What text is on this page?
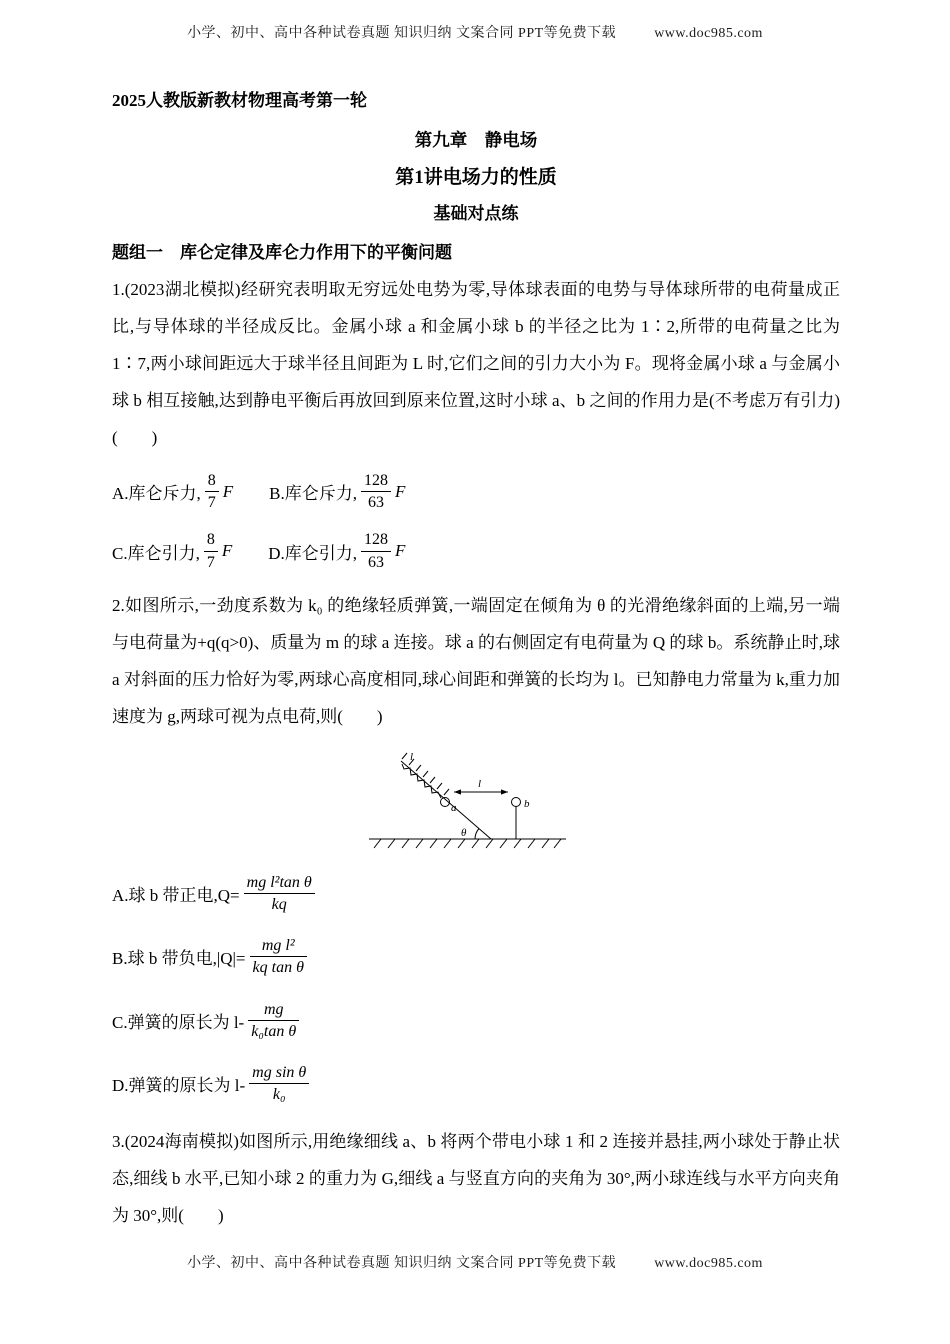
小学、初中、高中各种试卷真题 知识归纳 文案合同 PPT等免费下载	www.doc985.com
2025人教版新教材物理高考第一轮
第九章　静电场
第1讲电场力的性质
基础对点练
题组一　库仑定律及库仑力作用下的平衡问题

1.(2023湖北模拟)经研究表明取无穷远处电势为零,导体球表面的电势与导体球所带的电荷量成正比,与导体球的半径成反比。金属小球 a 和金属小球 b 的半径之比为 1∶2,所带的电荷量之比为 1∶7,两小球间距远大于球半径且间距为 L 时,它们之间的引力大小为 F。现将金属小球 a 与金属小球 b 相互接触,达到静电平衡后再放回到原来位置,这时小球 a、b 之间的作用力是(不考虑万有引力)(　　)

A.库仑斥力, $\frac{8}{7}$ F B.库仑斥力, $\frac{128}{63}$ F
C.库仑引力, $\frac{8}{7}$ F D.库仑引力, $\frac{128}{63}$ F

2.如图所示,一劲度系数为 k₀ 的绝缘轻质弹簧,一端固定在倾角为 θ 的光滑绝缘斜面的上端,另一端与电荷量为+q(q>0)、质量为 m 的球 a 连接。球 a 的右侧固定有电荷量为 Q 的球 b。系统静止时,球 a 对斜面的压力恰好为零,两球心高度相同,球心间距和弹簧的长均为 l。已知静电力常量为 k,重力加速度为 g,两球可视为点电荷,则(　　)

a
l
l
b
θ
A.球 b 带正电$,Q= \frac{\text{mg l²tan θ}}{kq}$
B.球 b 带负电$,|Q|= \frac{\text{mg l²}}{\text{kq tan θ}}$
C.弹簧的原长为 $l- \frac{mg}{\text{k₀tan θ}}$
D.弹簧的原长为 $l- \frac{\text{mg sin θ}}{\text{k₀}}$

3.(2024海南模拟)如图所示,用绝缘细线 a、b 将两个带电小球 1 和 2 连接并悬挂,两小球处于静止状态,细线 b 水平,已知小球 2 的重力为 G,细线 a 与竖直方向的夹角为 30°,两小球连线与水平方向夹角为 30°,则(　　)

小学、初中、高中各种试卷真题 知识归纳 文案合同 PPT等免费下载	www.doc985.com
